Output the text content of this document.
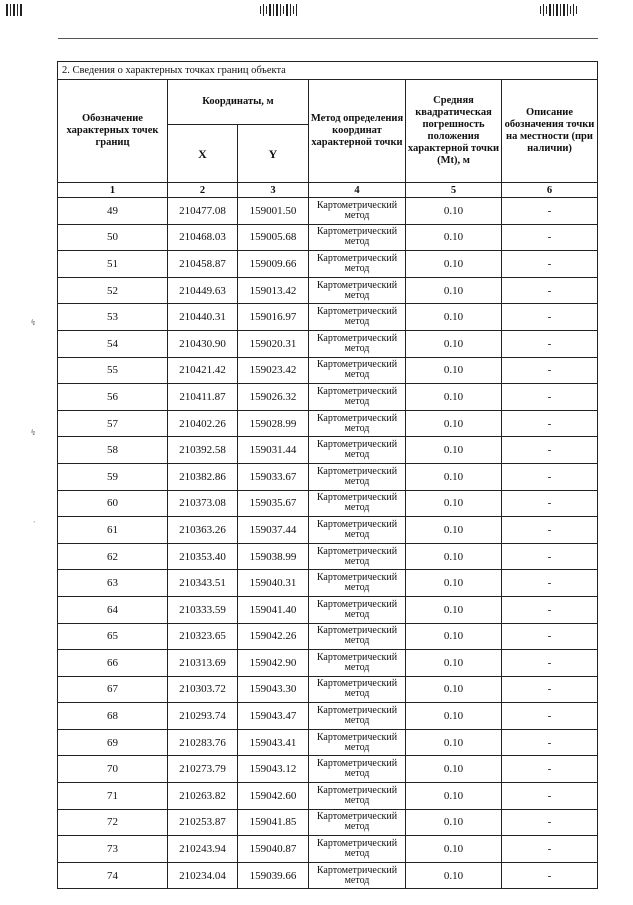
↯
↯
`
2. Сведения о характерных точках границ объекта					
Обозначение характерных точек границ	Координаты, м		Метод определения координат характерной точки	Средняя квадратическая погрешность положения характерной точки (Mt), м	Описание обозначения точки на местности (при наличии)
	X	Y			
1	2	3	4	5	6
49	210477.08	159001.50	Картометрический метод	0.10	-
50	210468.03	159005.68	Картометрический метод	0.10	-
51	210458.87	159009.66	Картометрический метод	0.10	-
52	210449.63	159013.42	Картометрический метод	0.10	-
53	210440.31	159016.97	Картометрический метод	0.10	-
54	210430.90	159020.31	Картометрический метод	0.10	-
55	210421.42	159023.42	Картометрический метод	0.10	-
56	210411.87	159026.32	Картометрический метод	0.10	-
57	210402.26	159028.99	Картометрический метод	0.10	-
58	210392.58	159031.44	Картометрический метод	0.10	-
59	210382.86	159033.67	Картометрический метод	0.10	-
60	210373.08	159035.67	Картометрический метод	0.10	-
61	210363.26	159037.44	Картометрический метод	0.10	-
62	210353.40	159038.99	Картометрический метод	0.10	-
63	210343.51	159040.31	Картометрический метод	0.10	-
64	210333.59	159041.40	Картометрический метод	0.10	-
65	210323.65	159042.26	Картометрический метод	0.10	-
66	210313.69	159042.90	Картометрический метод	0.10	-
67	210303.72	159043.30	Картометрический метод	0.10	-
68	210293.74	159043.47	Картометрический метод	0.10	-
69	210283.76	159043.41	Картометрический метод	0.10	-
70	210273.79	159043.12	Картометрический метод	0.10	-
71	210263.82	159042.60	Картометрический метод	0.10	-
72	210253.87	159041.85	Картометрический метод	0.10	-
73	210243.94	159040.87	Картометрический метод	0.10	-
74	210234.04	159039.66	Картометрический метод	0.10	-
